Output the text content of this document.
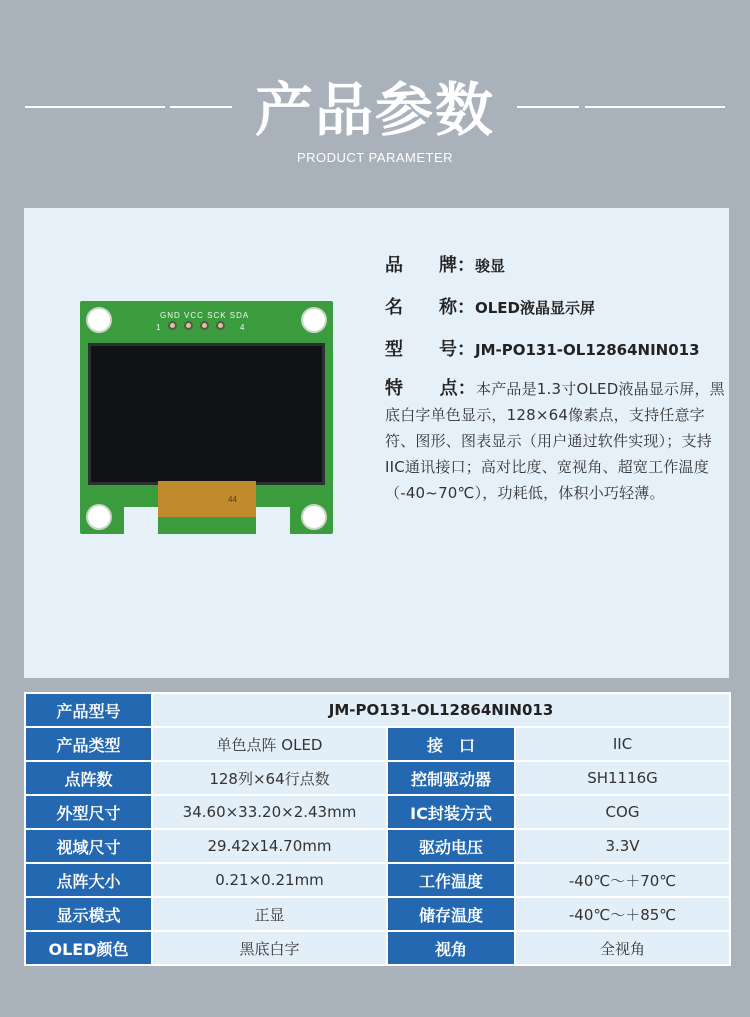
产品参数
PRODUCT PARAMETER
GND VCC SCK SDA
1	4
44
品　　牌：骏显
名　　称：OLED液晶显示屏
型　　号：JM-PO131-OL12864NIN013
特　　点：本产品是1.3寸OLED液晶显示屏，黑底白字单色显示，128×64像素点，支持任意字符、图形、图表显示（用户通过软件实现）；支持IIC通讯接口；高对比度、宽视角、超宽工作温度（-40~70℃），功耗低，体积小巧轻薄。
产品型号	JM-PO131-OL12864NIN013		
产品类型	单色点阵 OLED	接　口	IIC
点阵数	128列×64行点数	控制驱动器	SH1116G
外型尺寸	34.60×33.20×2.43mm	IC封装方式	COG
视域尺寸	29.42x14.70mm	驱动电压	3.3V
点阵大小	0.21×0.21mm	工作温度	-40℃～＋70℃
显示模式	正显	储存温度	-40℃～＋85℃
OLED颜色	黑底白字	视角	全视角
